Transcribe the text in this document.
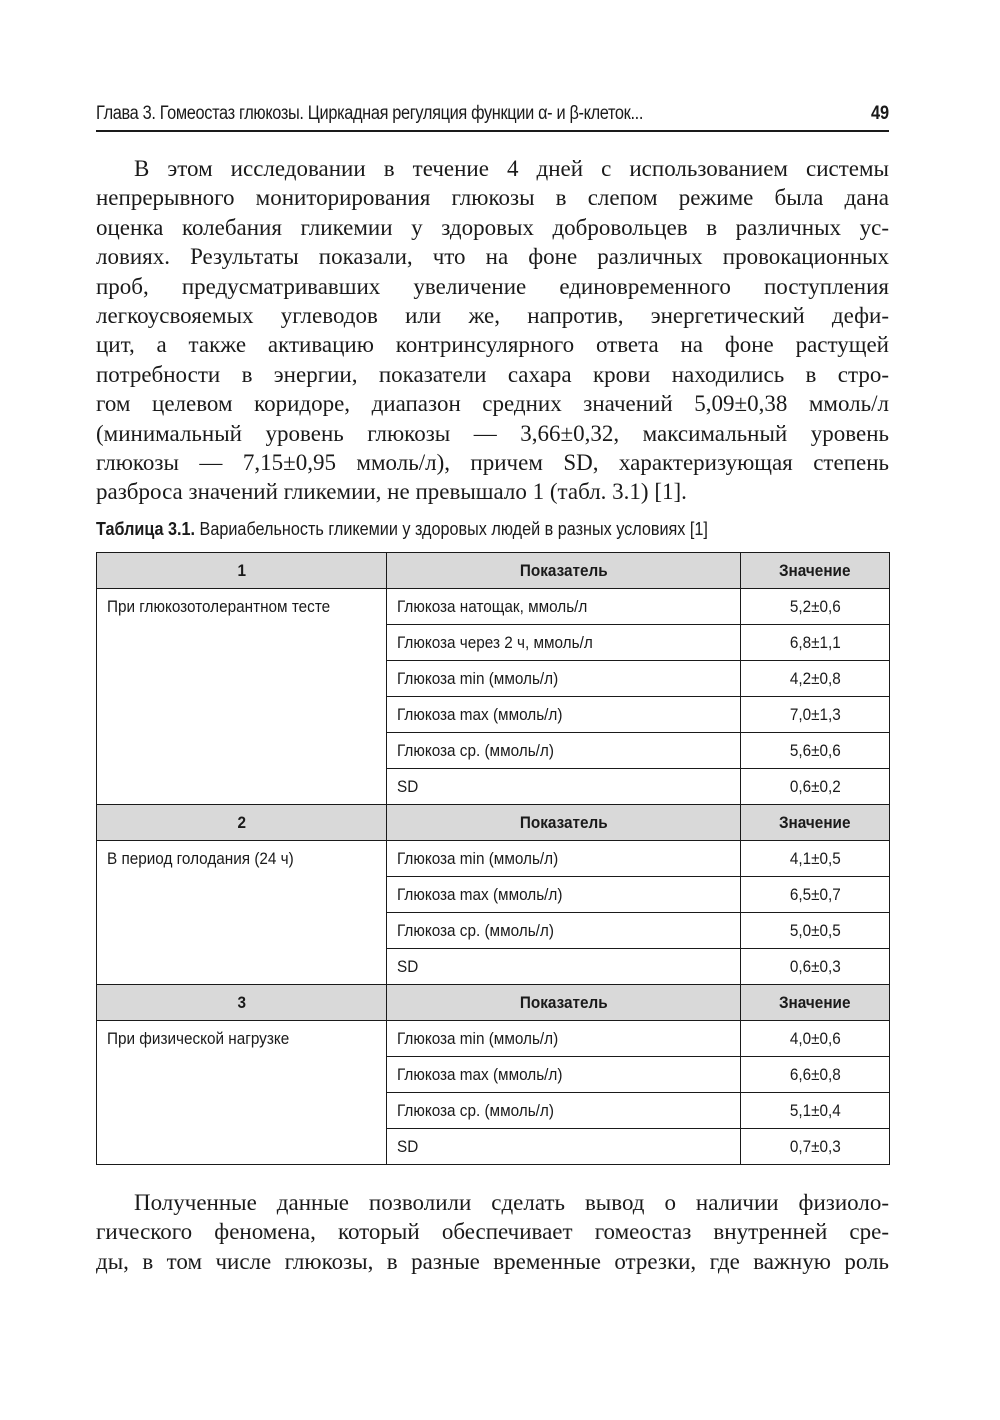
Глава 3. Гомеостаз глюкозы. Циркадная регуляция функции α- и β-клеток...	49
В этом исследовании в течение 4 дней с использованием системы
непрерывного мониторирования глюкозы в слепом режиме была дана
оценка колебания гликемии у здоровых добровольцев в различных ус-
ловиях. Результаты показали, что на фоне различных провокационных
проб, предусматривавших увеличение единовременного поступления
легкоусвояемых углеводов или же, напротив, энергетический дефи-
цит, а также активацию контринсулярного ответа на фоне растущей
потребности в энергии, показатели сахара крови находились в стро-
гом целевом коридоре, диапазон средних значений 5,09±0,38 ммоль/л
(минимальный уровень глюкозы — 3,66±0,32, максимальный уровень
глюкозы — 7,15±0,95 ммоль/л), причем SD, характеризующая степень
разброса значений гликемии, не превышало 1 (табл. 3.1) [1].
Таблица 3.1. Вариабельность гликемии у здоровых людей в разных условиях [1]
1	Показатель	Значение
При глюкозотолерантном тесте	Глюкоза натощак, ммоль/л	5,2±0,6
	Глюкоза через 2 ч, ммоль/л	6,8±1,1
	Глюкоза min (ммоль/л)	4,2±0,8
	Глюкоза max (ммоль/л)	7,0±1,3
	Глюкоза ср. (ммоль/л)	5,6±0,6
	SD	0,6±0,2
2	Показатель	Значение
В период голодания (24 ч)	Глюкоза min (ммоль/л)	4,1±0,5
	Глюкоза max (ммоль/л)	6,5±0,7
	Глюкоза ср. (ммоль/л)	5,0±0,5
	SD	0,6±0,3
3	Показатель	Значение
При физической нагрузке	Глюкоза min (ммоль/л)	4,0±0,6
	Глюкоза max (ммоль/л)	6,6±0,8
	Глюкоза ср. (ммоль/л)	5,1±0,4
	SD	0,7±0,3
Полученные данные позволили сделать вывод о наличии физиоло-
гического феномена, который обеспечивает гомеостаз внутренней сре-
ды, в том числе глюкозы, в разные временные отрезки, где важную роль
